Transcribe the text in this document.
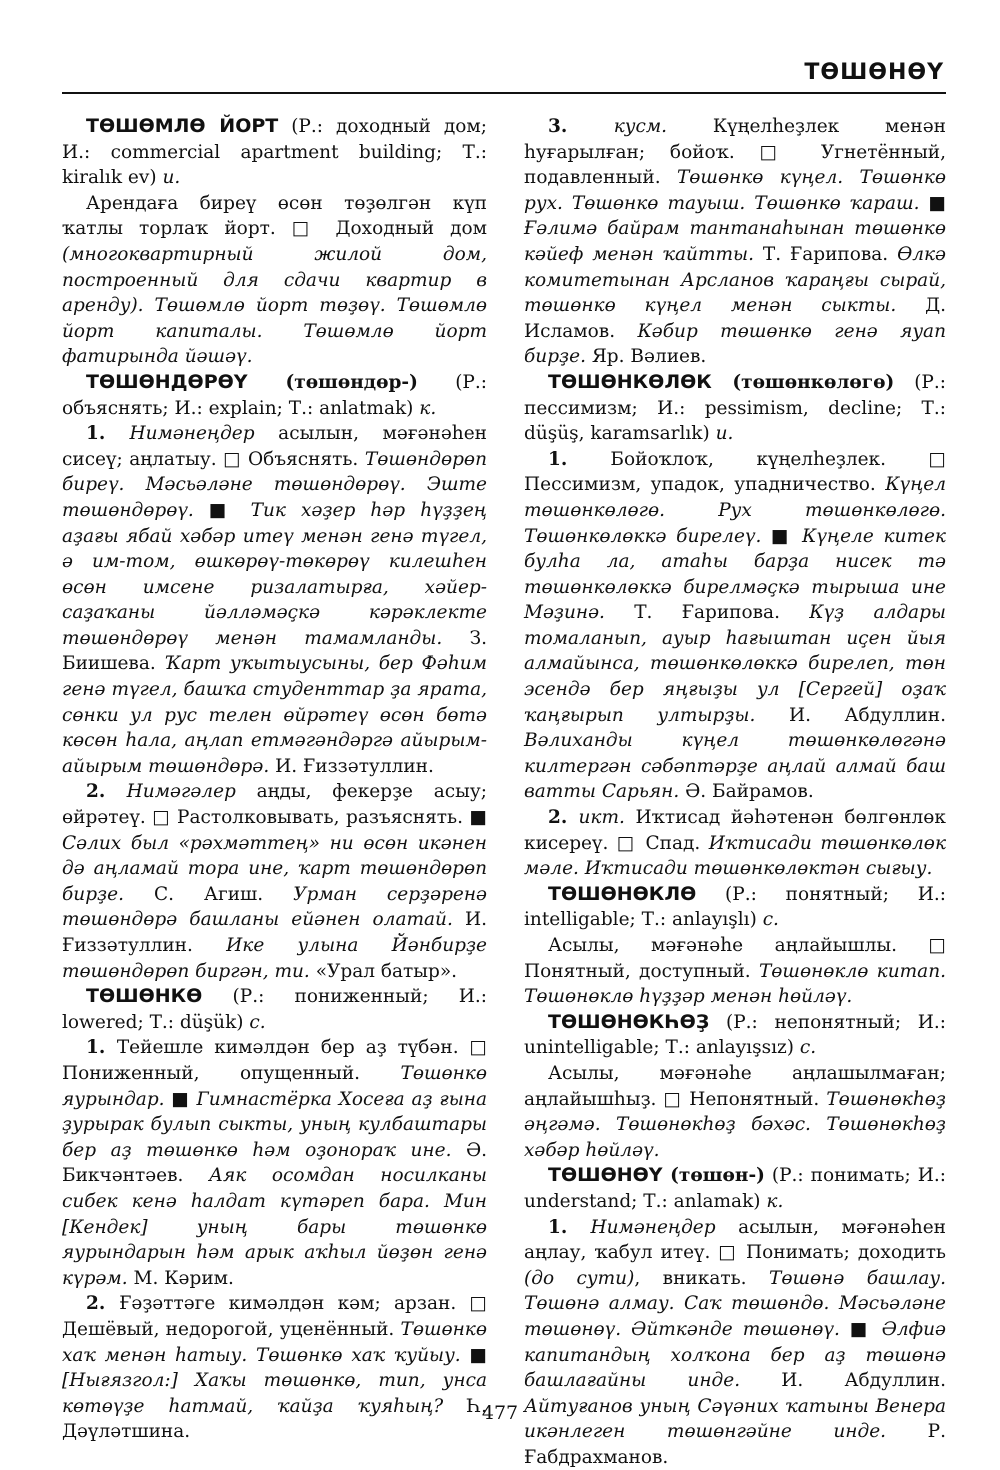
ТӨШӨНӨҮ

ТӨШӨМЛӨ ЙОРТ (Р.: доходный дом; И.: commercial apartment building; Т.: kiralık ev) и.

Арендаға биреү өсөн төҙөлгән күп ҡатлы торлаҡ йорт. □ Доходный дом (многоквартирный жилой дом, построенный для сдачи квартир в аренду). Төшөмлө йорт төҙөү. Төшөмлө йорт капиталы. Төшөмлө йорт фатирында йәшәү.

ТӨШӨНДӨРӨҮ (төшөндөр-) (Р.: объяснять; И.: explain; Т.: anlatmak) к.

1. Нимәнеңдер асылын, мәғәнәһен сисеү; аңлатыу. □ Объяснять. Төшөндөрөп биреү. Мәсьәләне төшөндөрөү. Эште төшөндөрөү. ■ Тик хәҙер һәр һүҙҙең аҙағы ябай хәбәр итеү менән генә түгел, ә им-том, өшкөрөү-төкөрөү килешһен өсөн имсене ризалатырға, хәйер-саҙаҡаны йәлләмәҫкә кәрәклекте төшөндөрөү менән тамамланды. З. Биишева. Ҡарт уҡытыусыны, бер Фәһим генә түгел, башҡа студенттар ҙа ярата, сөнки ул рус телен өйрәтеү өсөн бөтә көсөн һала, аңлап етмәгәндәргә айырым-айырым төшөндөрә. И. Ғиззәтуллин.

2. Нимәгәлер аңды, фекерҙе асыу; өйрәтеү. □ Растолковывать, разъяснять. ■ Сәлих был «рәхмәттең» ни өсөн икәнен дә аңламай тора ине, ҡарт төшөндөрөп бирҙе. С. Агиш. Урман серҙәренә төшөндөрә башланы ейәнен олатай. И. Ғиззәтуллин. Ике улына Йәнбирҙе төшөндөрөп биргән, ти. «Урал батыр».

ТӨШӨНКӨ (Р.: пониженный; И.: lowered; Т.: düşük) с.

1. Тейешле кимәлдән бер аҙ түбән. □ Пониженный, опущенный. Төшөнкө яурындар. ■ Гимнастёрка Хосеға аҙ ғына ҙурырак булып сыкты, уның кулбаштары бер аҙ төшөнкө һәм оҙонораҡ ине. Ә. Бикчәнтәев. Аяк осомдан носилканы сибек кенә һалдат күтәреп бара. Мин [Кендек] уның бары төшөнкө яурындарын һәм арык аҡһыл йөҙөн генә күрәм. М. Кәрим.

2. Ғәҙәттәге кимәлдән кәм; арзан. □ Дешёвый, недорогой, уценённый. Төшөнкө хаҡ менән һатыу. Төшөнкө хаҡ ҡуйыу. ■ [Нығязгол:] Хаҡы төшөнкө, тип, унса көтөүҙе һатмай, ҡайҙа ҡуяһың? Һ. Дәүләтшина.

3. кусм. Күңелһеҙлек менән һуғарылған; бойоҡ. □ Угнетённый, подавленный. Төшөнкө күңел. Төшөнкө рух. Төшөнкө тауыш. Төшөнкө ҡараш. ■ Ғәлимә байрам тантанаһынан төшөнкө кәйеф менән ҡайтты. Т. Ғарипова. Өлкә комитетынан Арсланов ҡараңғы сырай, төшөнкө күңел менән сыкты. Д. Исламов. Кәбир төшөнкө генә яуап бирҙе. Яр. Вәлиев.

ТӨШӨНКӨЛӨК (төшөнкөлөгө) (Р.: пессимизм; И.: pessimism, decline; Т.: düşüş, karamsarlık) и.

1. Бойоҡлоҡ, күңелһеҙлек. □ Пессимизм, упадок, упадничество. Күңел төшөнкөлөгө. Рух төшөнкөлөгө. Төшөнкөлөккә бирелеү. ■ Күңеле китек булһа ла, атаһы барҙа нисек тә төшөнкөлөккә бирелмәҫкә тырыша ине Мәҙинә. Т. Ғарипова. Күҙ алдары томаланып, ауыр һағыштан иҫен йыя алмайынса, төшөнкөлөккә бирелеп, төн эсендә бер яңғыҙы ул [Сергей] оҙаҡ ҡаңғырып ултырҙы. И. Абдуллин. Вәлиханды күңел төшөнкөлөгәнә килтергән сәбәптәрҙе аңлай алмай баш ватты Сарьян. Ә. Байрамов.

2. икт. Иҡтисад йәһәтенән бөлгөнлөк кисереү. □ Спад. Иҡтисади төшөнкөлөк мәле. Иҡтисади төшөнкөлөктән сығыу.

ТӨШӨНӨКЛӨ (Р.: понятный; И.: intelligable; Т.: anlayışlı) с.

Асылы, мәғәнәһе аңлайышлы. □ Понятный, доступный. Төшөнөклө китап. Төшөнөклө һүҙҙәр менән һөйләү.

ТӨШӨНӨКҺӨҘ (Р.: непонятный; И.: unintelligable; Т.: anlayışsız) с.

Асылы, мәғәнәһе аңлашылмаған; аңлайышһыҙ. □ Непонятный. Төшөнөкһөҙ әңгәмә. Төшөнөкһөҙ бәхәс. Төшөнөкһөҙ хәбәр һөйләү.

ТӨШӨНӨҮ (төшөн-) (Р.: понимать; И.: understand; Т.: anlamak) к.

1. Нимәнеңдер асылын, мәғәнәһен аңлау, ҡабул итеү. □ Понимать; доходить (до сути), вникать. Төшөнә башлау. Төшөнә алмау. Саҡ төшөндө. Мәсьәләне төшөнөү. Әйткәнде төшөнөү. ■ Әлфиә капитандың холҡона бер аҙ төшөнә башлағайны инде. И. Абдуллин. Айтуғанов уның Сәүәних ҡатыны Венера икәнлеген төшөнгәйне инде. Р. Ғабдрахманов.

477
